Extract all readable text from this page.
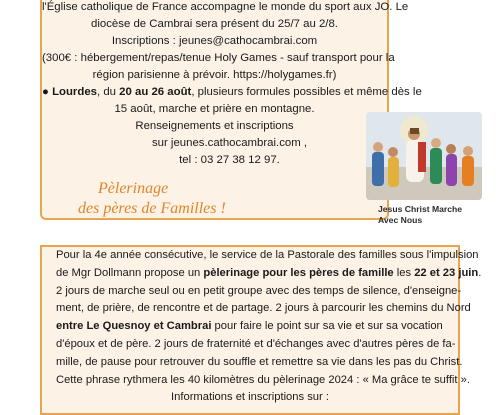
l'Église catholique de France accompagne le monde du sport aux JO. Le
diocèse de Cambrai sera présent du 25/7 au 2/8.
Inscriptions : jeunes@cathocambrai.com
(300€ : hébergement/repas/tenue Holy Games - sauf transport pour la
région parisienne à prévoir. https://holygames.fr)
● Lourdes, du 20 au 26 août, plusieurs formules possibles et même dès le
15 août, marche et prière en montagne.
Renseignements et inscriptions
sur jeunes.cathocambrai.com ,
tel : 03 27 38 12 97.
Jesus Christ Marche
Avec Nous
Pèlerinage
des pères de Familles !
Pour la 4e année consécutive, le service de la Pastorale des familles sous l'impulsion
de Mgr Dollmann propose un pèlerinage pour les pères de famille les 22 et 23 juin.
2 jours de marche seul ou en petit groupe avec des temps de silence, d'enseigne-
ment, de prière, de rencontre et de partage. 2 jours à parcourir les chemins du Nord
entre Le Quesnoy et Cambrai pour faire le point sur sa vie et sur sa vocation
d'époux et de père. 2 jours de fraternité et d'échanges avec d'autres pères de fa-
mille, de pause pour retrouver du souffle et remettre sa vie dans les pas du Christ.
Cette phrase rythmera les 40 kilomètres du pèlerinage 2024 : « Ma grâce te suffit ».
Informations et inscriptions sur :
